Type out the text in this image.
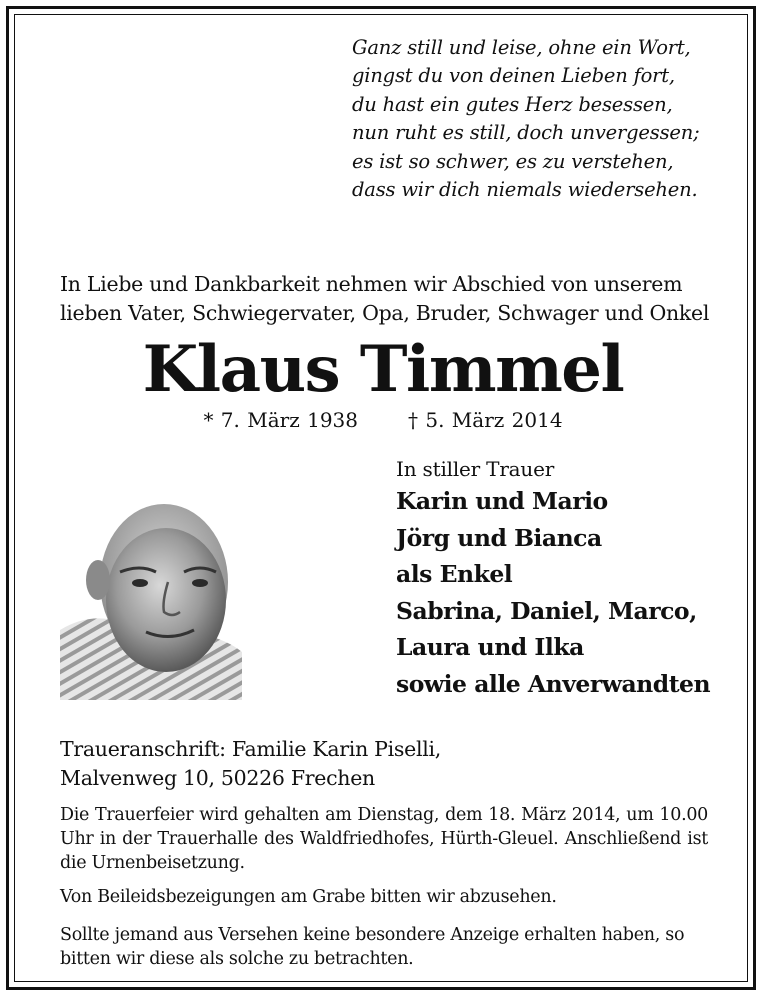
Ganz still und leise, ohne ein Wort,
gingst du von deinen Lieben fort,
du hast ein gutes Herz besessen,
nun ruht es still, doch unvergessen;
es ist so schwer, es zu verstehen,
dass wir dich niemals wiedersehen.
In Liebe und Dankbarkeit nehmen wir Abschied von unserem
lieben Vater, Schwiegervater, Opa, Bruder, Schwager und Onkel
Klaus Timmel
* 7. März 1938	† 5. März 2014
In stiller Trauer
Karin und Mario
Jörg und Bianca
als Enkel
Sabrina, Daniel, Marco,
Laura und Ilka
sowie alle Anverwandten
Traueranschrift: Familie Karin Piselli,
Malvenweg 10, 50226 Frechen
Die Trauerfeier wird gehalten am Dienstag, dem 18. März 2014, um 10.00 Uhr in der Trauerhalle des Waldfriedhofes, Hürth-Gleuel. Anschließend ist die Urnenbeisetzung.
Von Beileidsbezeigungen am Grabe bitten wir abzusehen.
Sollte jemand aus Versehen keine besondere Anzeige erhalten haben, so
bitten wir diese als solche zu betrachten.
